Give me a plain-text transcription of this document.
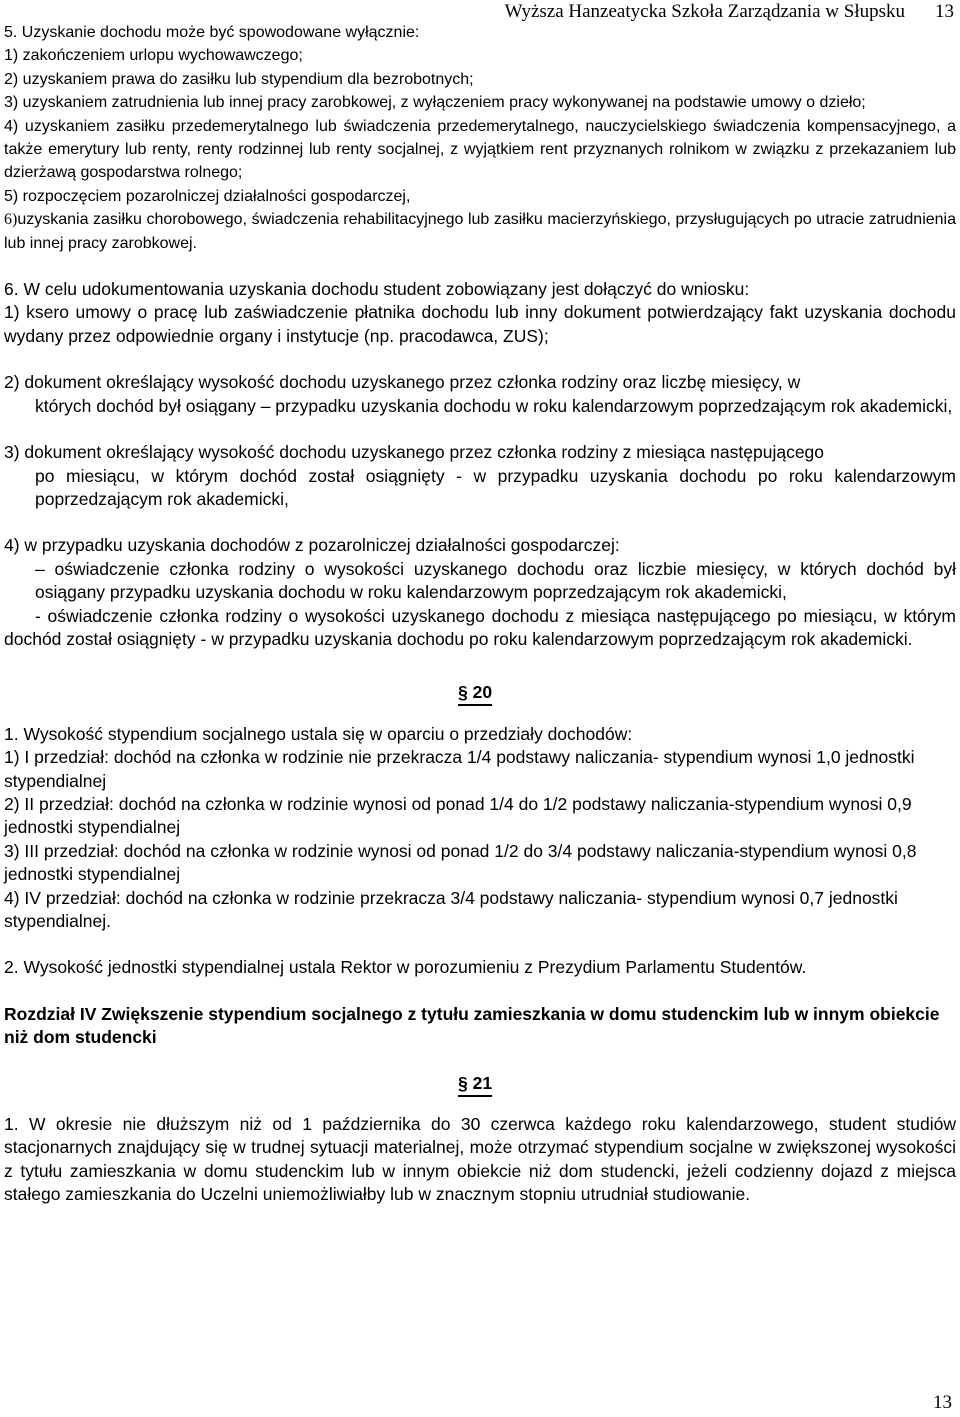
Wyższa Hanzeatycka Szkoła Zarządzania w Słupsku 13

5. Uzyskanie dochodu może być spowodowane wyłącznie:

1) zakończeniem urlopu wychowawczego;

2) uzyskaniem prawa do zasiłku lub stypendium dla bezrobotnych;

3) uzyskaniem zatrudnienia lub innej pracy zarobkowej, z wyłączeniem pracy wykonywanej na podstawie umowy o dzieło;

4) uzyskaniem zasiłku przedemerytalnego lub świadczenia przedemerytalnego, nauczycielskiego świadczenia kompensacyjnego, a także emerytury lub renty, renty rodzinnej lub renty socjalnej, z wyjątkiem rent przyznanych rolnikom w związku z przekazaniem lub dzierżawą gospodarstwa rolnego;

5) rozpoczęciem pozarolniczej działalności gospodarczej,

6)uzyskania zasiłku chorobowego, świadczenia rehabilitacyjnego lub zasiłku macierzyńskiego, przysługujących po utracie zatrudnienia lub innej pracy zarobkowej.

6. W celu udokumentowania uzyskania dochodu student zobowiązany jest dołączyć do wniosku:

1) ksero umowy o pracę lub zaświadczenie płatnika dochodu lub inny dokument potwierdzający fakt uzyskania dochodu wydany przez odpowiednie organy i instytucje (np. pracodawca, ZUS);

2) dokument określający wysokość dochodu uzyskanego przez członka rodziny oraz liczbę miesięcy, w

których dochód był osiągany – przypadku uzyskania dochodu w roku kalendarzowym poprzedzającym rok akademicki,

3) dokument określający wysokość dochodu uzyskanego przez członka rodziny z miesiąca następującego

po miesiącu, w którym dochód został osiągnięty - w przypadku uzyskania dochodu po roku kalendarzowym poprzedzającym rok akademicki,

4) w przypadku uzyskania dochodów z pozarolniczej działalności gospodarczej:

– oświadczenie członka rodziny o wysokości uzyskanego dochodu oraz liczbie miesięcy, w których dochód był osiągany przypadku uzyskania dochodu w roku kalendarzowym poprzedzającym rok akademicki,

- oświadczenie członka rodziny o wysokości uzyskanego dochodu z miesiąca następującego po miesiącu, w którym dochód został osiągnięty - w przypadku uzyskania dochodu po roku kalendarzowym poprzedzającym rok akademicki.

§ 20

1. Wysokość stypendium socjalnego ustala się w oparciu o przedziały dochodów:

1) I przedział: dochód na członka w rodzinie nie przekracza 1/4 podstawy naliczania- stypendium wynosi 1,0 jednostki stypendialnej

2) II przedział: dochód na członka w rodzinie wynosi od ponad 1/4 do 1/2 podstawy naliczania-stypendium wynosi 0,9 jednostki stypendialnej

3) III przedział: dochód na członka w rodzinie wynosi od ponad 1/2 do 3/4 podstawy naliczania-stypendium wynosi 0,8 jednostki stypendialnej

4) IV przedział: dochód na członka w rodzinie przekracza 3/4 podstawy naliczania- stypendium wynosi 0,7 jednostki stypendialnej.

2. Wysokość jednostki stypendialnej ustala Rektor w porozumieniu z Prezydium Parlamentu Studentów.

Rozdział IV Zwiększenie stypendium socjalnego z tytułu zamieszkania w domu studenckim lub w innym obiekcie niż dom studencki

§ 21

1. W okresie nie dłuższym niż od 1 października do 30 czerwca każdego roku kalendarzowego, student studiów stacjonarnych znajdujący się w trudnej sytuacji materialnej, może otrzymać stypendium socjalne w zwiększonej wysokości z tytułu zamieszkania w domu studenckim lub w innym obiekcie niż dom studencki, jeżeli codzienny dojazd z miejsca stałego zamieszkania do Uczelni uniemożliwiałby lub w znacznym stopniu utrudniał studiowanie.

13
